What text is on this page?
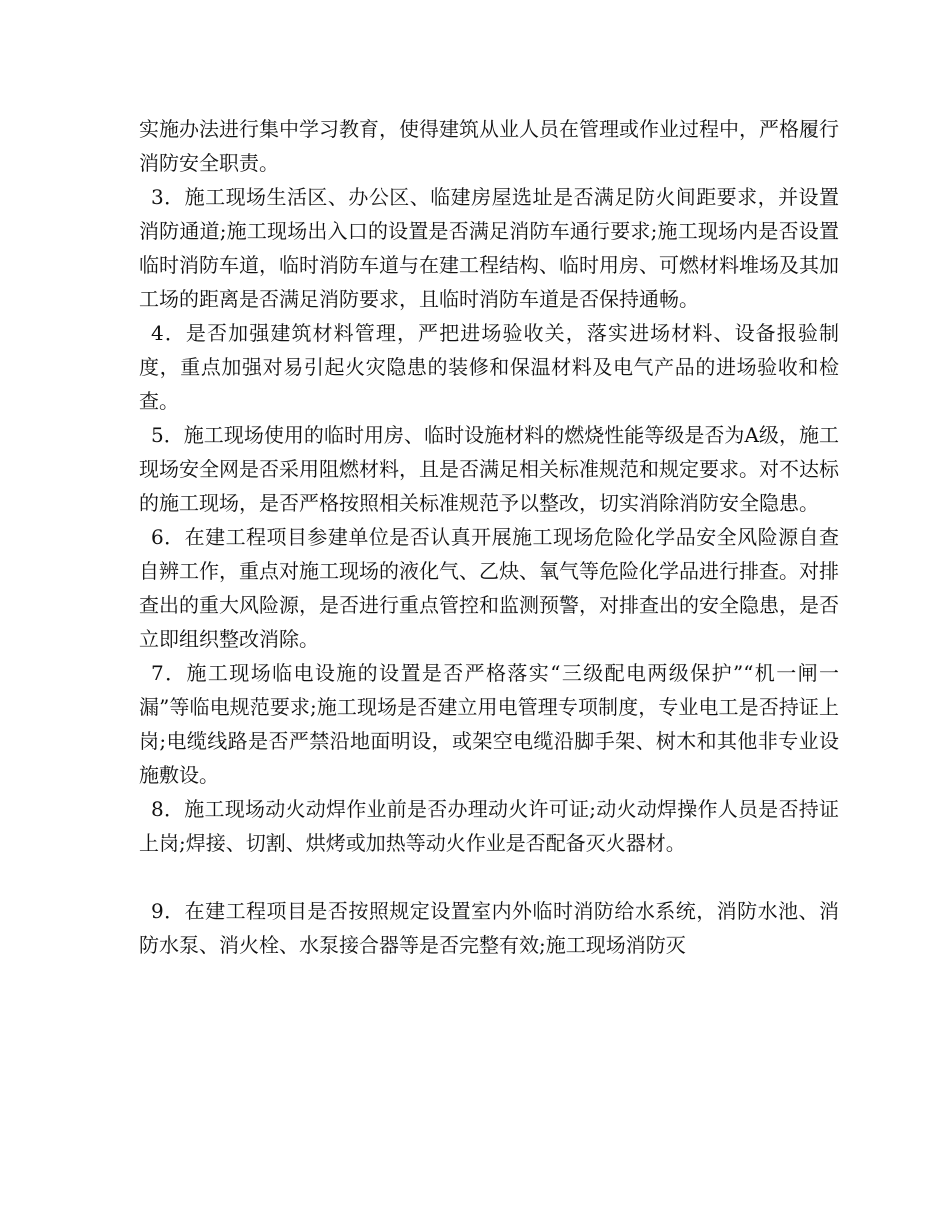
实施办法进行集中学习教育，使得建筑从业人员在管理或作业过程中，严格履行消防安全职责。

3．施工现场生活区、办公区、临建房屋选址是否满足防火间距要求，并设置消防通道;施工现场出入口的设置是否满足消防车通行要求;施工现场内是否设置临时消防车道，临时消防车道与在建工程结构、临时用房、可燃材料堆场及其加工场的距离是否满足消防要求，且临时消防车道是否保持通畅。

4．是否加强建筑材料管理，严把进场验收关，落实进场材料、设备报验制度，重点加强对易引起火灾隐患的装修和保温材料及电气产品的进场验收和检查。

5．施工现场使用的临时用房、临时设施材料的燃烧性能等级是否为A级，施工现场安全网是否采用阻燃材料，且是否满足相关标准规范和规定要求。对不达标的施工现场，是否严格按照相关标准规范予以整改，切实消除消防安全隐患。

6．在建工程项目参建单位是否认真开展施工现场危险化学品安全风险源自查自辨工作，重点对施工现场的液化气、乙炔、氧气等危险化学品进行排查。对排查出的重大风险源，是否进行重点管控和监测预警，对排查出的安全隐患，是否立即组织整改消除。

7．施工现场临电设施的设置是否严格落实“三级配电两级保护”“机一闸一漏”等临电规范要求;施工现场是否建立用电管理专项制度，专业电工是否持证上岗;电缆线路是否严禁沿地面明设，或架空电缆沿脚手架、树木和其他非专业设施敷设。

8．施工现场动火动焊作业前是否办理动火许可证;动火动焊操作人员是否持证上岗;焊接、切割、烘烤或加热等动火作业是否配备灭火器材。

9．在建工程项目是否按照规定设置室内外临时消防给水系统，消防水池、消防水泵、消火栓、水泵接合器等是否完整有效;施工现场消防灭
